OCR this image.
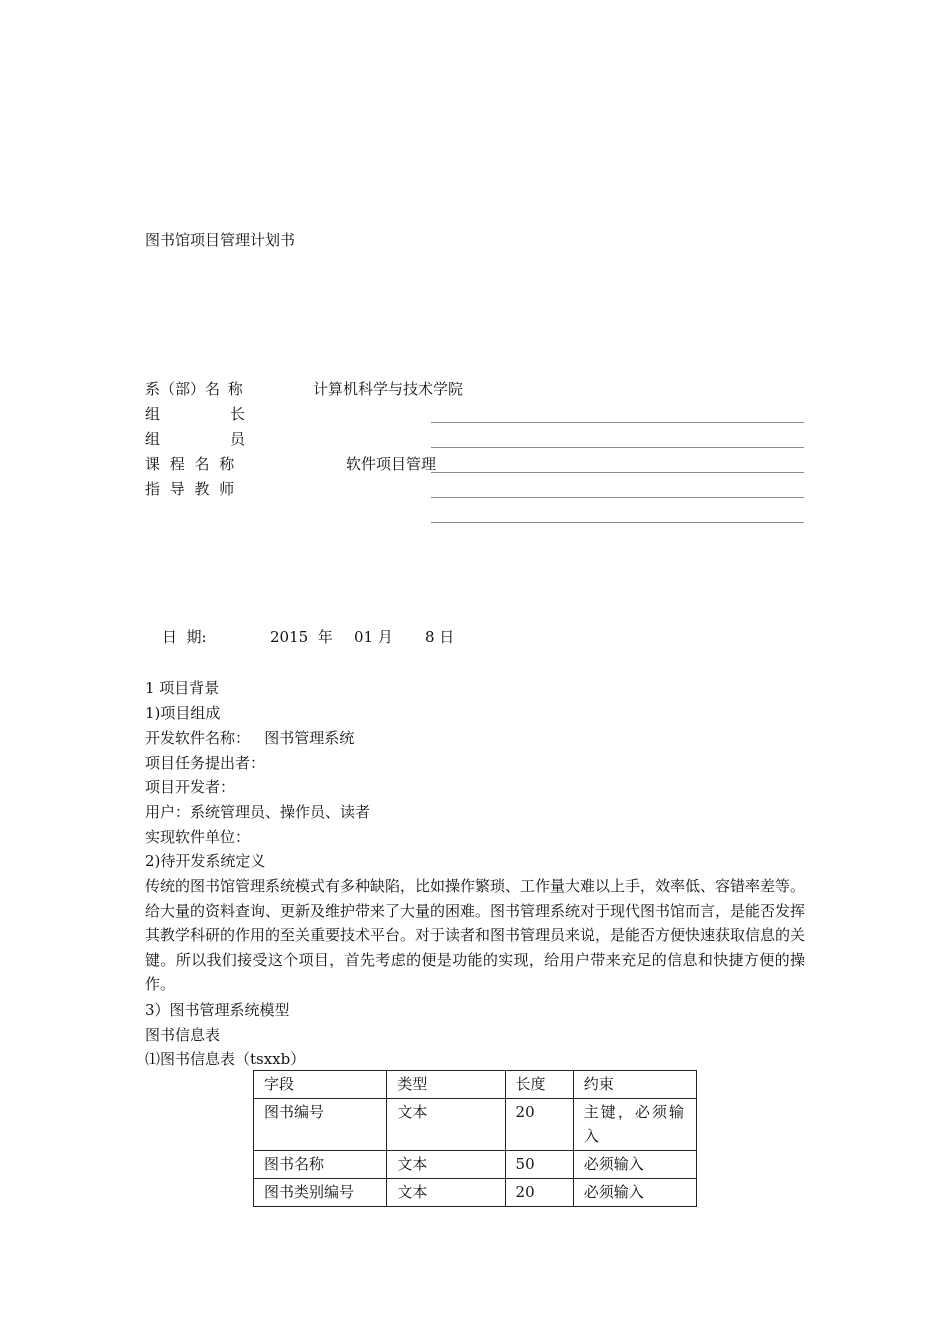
图书馆项目管理计划书
系（部）名 称	计算机科学与技术学院
组	长
组	员
课 程 名 称	软件项目管理
指 导 教 师
日  期:	2015  年 01 月 8 日
1 项目背景
1)项目组成
开发软件名称：   图书管理系统
项目任务提出者：
项目开发者：
用户：系统管理员、操作员、读者
实现软件单位：
2)待开发系统定义
传统的图书馆管理系统模式有多种缺陷，比如操作繁琐、工作量大难以上手，效率低、容错率差等。给大量的资料查询、更新及维护带来了大量的困难。图书管理系统对于现代图书馆而言，是能否发挥其教学科研的作用的至关重要技术平台。对于读者和图书管理员来说，是能否方便快速获取信息的关键。所以我们接受这个项目，首先考虑的便是功能的实现，给用户带来充足的信息和快捷方便的操作。
3）图书管理系统模型
图书信息表
⑴图书信息表（tsxxb）
字段	类型	长度	约束
图书编号	文本	20	主键，必须输入
图书名称	文本	50	必须输入
图书类别编号	文本	20	必须输入
